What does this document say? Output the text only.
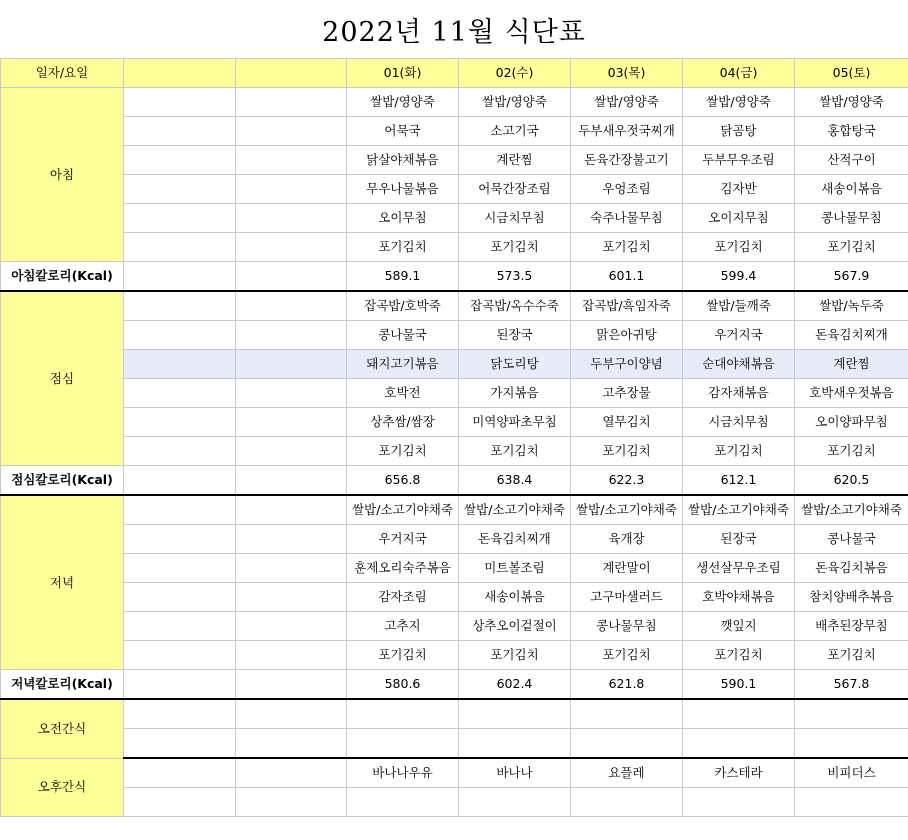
2022년 11월 식단표
일자/요일			01(화)	02(수)	03(목)	04(금)	05(토)
아침			쌀밥/영양죽	쌀밥/영양죽	쌀밥/영양죽	쌀밥/영양죽	쌀밥/영양죽
			어묵국	소고기국	두부새우젓국찌개	닭곰탕	홍합탕국
			닭살야채볶음	계란찜	돈육간장불고기	두부무우조림	산적구이
			무우나물볶음	어묵간장조림	우엉조림	김자반	새송이볶음
			오이무침	시금치무침	숙주나물무침	오이지무침	콩나물무침
			포기김치	포기김치	포기김치	포기김치	포기김치
아침칼로리(Kcal)			589.1	573.5	601.1	599.4	567.9
점심			잡곡밥/호박죽	잡곡밥/옥수수죽	잡곡밥/흑임자죽	쌀밥/들깨죽	쌀밥/녹두죽
			콩나물국	된장국	맑은아귀탕	우거지국	돈육김치찌개
			돼지고기볶음	닭도리탕	두부구이양념	순대야채볶음	계란찜
			호박전	가지볶음	고추장물	감자채볶음	호박새우젓볶음
			상추쌈/쌈장	미역양파초무침	열무김치	시금치무침	오이양파무침
			포기김치	포기김치	포기김치	포기김치	포기김치
점심칼로리(Kcal)			656.8	638.4	622.3	612.1	620.5
저녁			쌀밥/소고기야채죽	쌀밥/소고기야채죽	쌀밥/소고기야채죽	쌀밥/소고기야채죽	쌀밥/소고기야채죽
			우거지국	돈육김치찌개	육개장	된장국	콩나물국
			훈제오리숙주볶음	미트볼조림	계란말이	생선살무우조림	돈육김치볶음
			감자조림	새송이볶음	고구마샐러드	호박야채볶음	참치양배추볶음
			고추지	상추오이겉절이	콩나물무침	깻잎지	배추된장무침
			포기김치	포기김치	포기김치	포기김치	포기김치
저녁칼로리(Kcal)			580.6	602.4	621.8	590.1	567.8
오전간식							

오후간식			바나나우유	바나나	요플레	카스테라	비피더스
